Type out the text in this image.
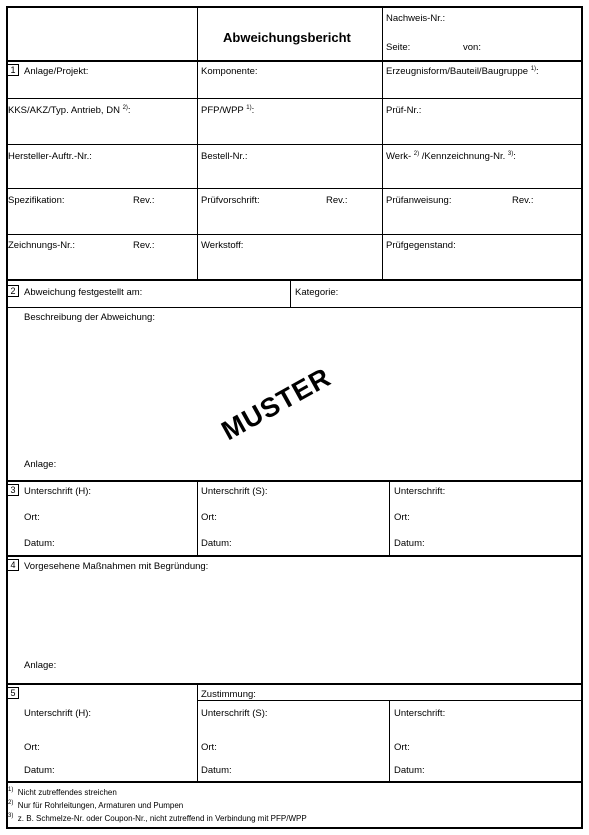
Abweichungsbericht
Nachweis-Nr.:
Seite:	von:
1 Anlage/Projekt:	Komponente:	Erzeugnisform/Bauteil/Baugruppe $^{1)}$:
KKS/AKZ/Typ. Antrieb, DN $^{2)}$:	PFP/WPP $^{1)}$:	Prüf-Nr.:
Hersteller-Auftr.-Nr.:	Bestell-Nr.:	Werk- $^{2)}$ /Kennzeichnung-Nr. $^{3)}$:
Spezifikation:	Rev.:	Prüfvorschrift:	Rev.:	Prüfanweisung:	Rev.:
Zeichnungs-Nr.:	Rev.:	Werkstoff:	Prüfgegenstand:
2 Abweichung festgestellt am:	Kategorie:
Beschreibung der Abweichung:
MUSTER
Anlage:
3 Unterschrift (H):	Unterschrift (S):	Unterschrift:
Ort:	Ort:	Ort:
Datum:	Datum:	Datum:
4 Vorgesehene Maßnahmen mit Begründung:
Anlage:
5	Zustimmung:
Unterschrift (H):	Unterschrift (S):	Unterschrift:
Ort:	Ort:	Ort:
Datum:	Datum:	Datum:
$^{1)}$ Nicht zutreffendes streichen
$^{2)}$ Nur für Rohrleitungen, Armaturen und Pumpen
$^{3)}$ z. B. Schmelze-Nr. oder Coupon-Nr., nicht zutreffend in Verbindung mit PFP/WPP
